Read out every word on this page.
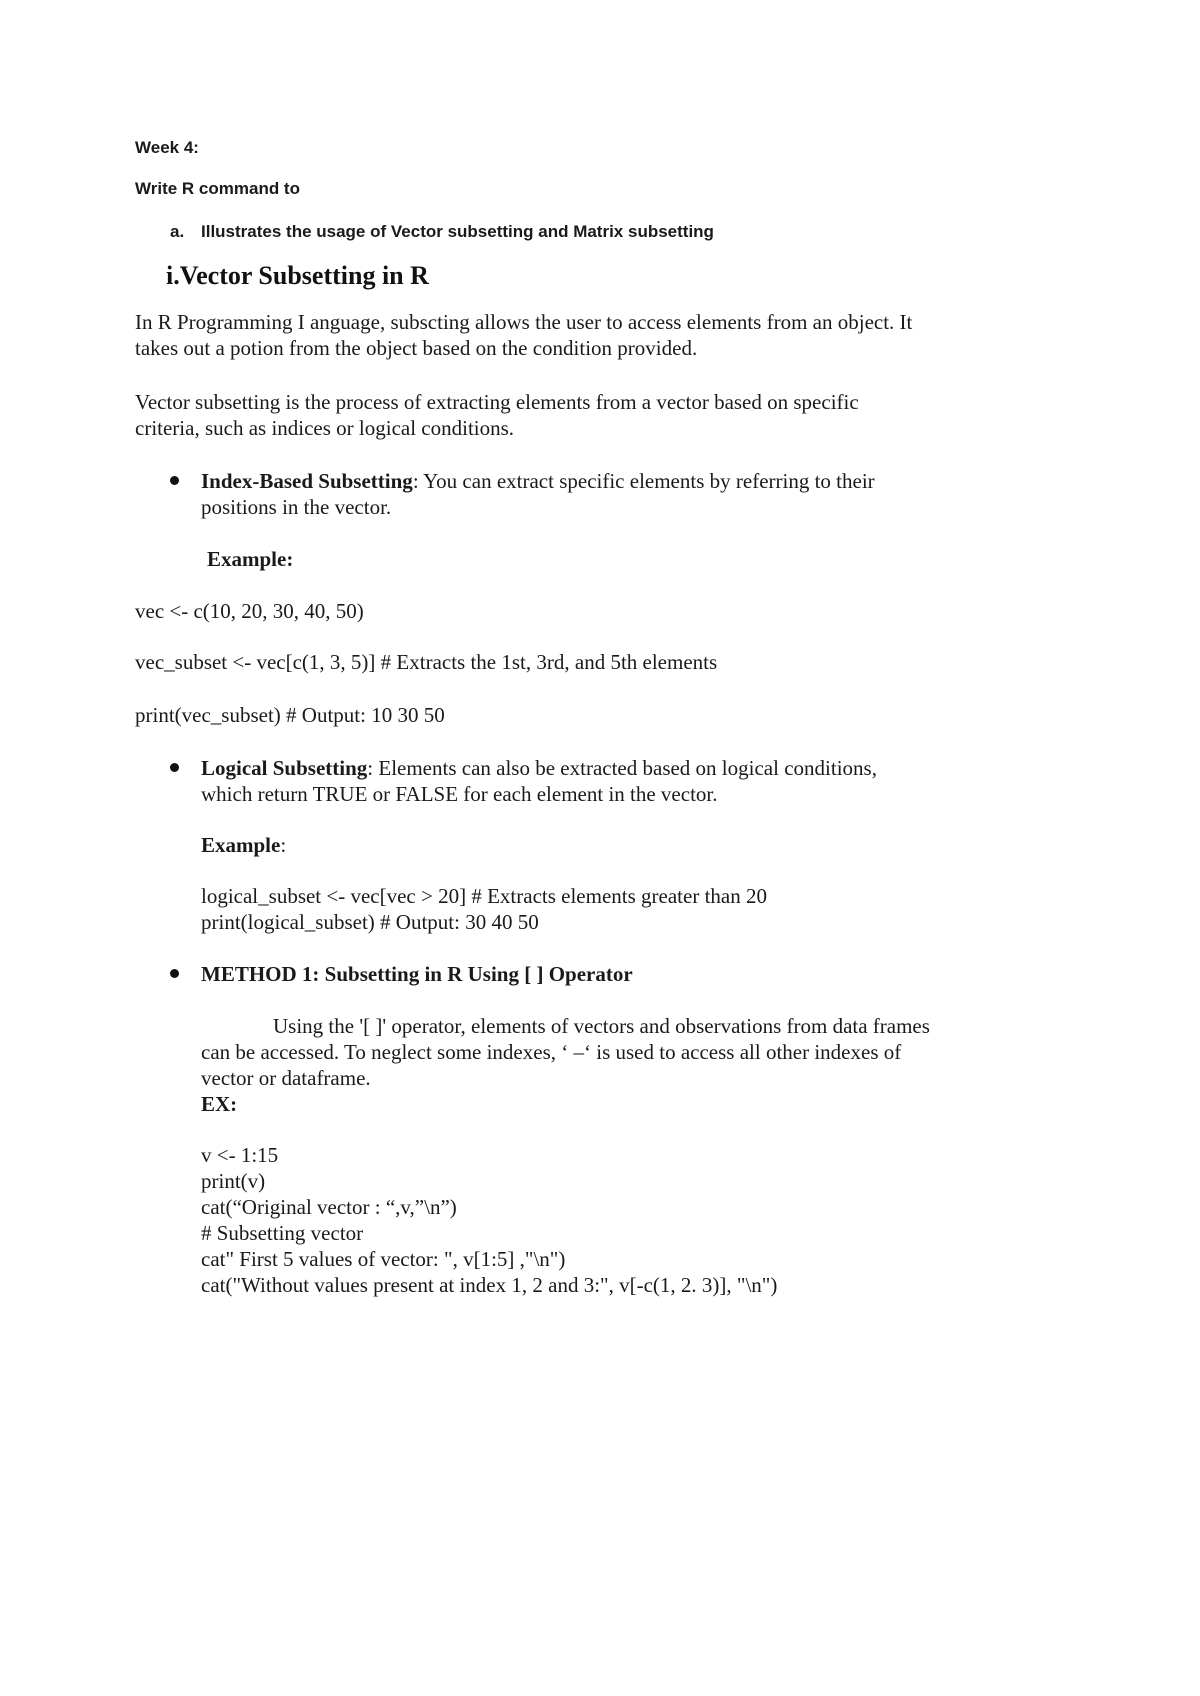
Week 4:
Write R command to
a. Illustrates the usage of Vector subsetting and Matrix subsetting
i.Vector Subsetting in R
In R Programming I anguage, subscting allows the user to access elements from an object. It
takes out a potion from the object based on the condition provided.
Vector subsetting is the process of extracting elements from a vector based on specific
criteria, such as indices or logical conditions.
Index-Based Subsetting: You can extract specific elements by referring to their
positions in the vector.
Example:
vec <- c(10, 20, 30, 40, 50)
vec_subset <- vec[c(1, 3, 5)] # Extracts the 1st, 3rd, and 5th elements
print(vec_subset) # Output: 10 30 50
Logical Subsetting: Elements can also be extracted based on logical conditions,
which return TRUE or FALSE for each element in the vector.
Example:
logical_subset <- vec[vec > 20] # Extracts elements greater than 20
print(logical_subset) # Output: 30 40 50
METHOD 1: Subsetting in R Using [ ] Operator
Using the '[ ]' operator, elements of vectors and observations from data frames
can be accessed. To neglect some indexes, ‘ –‘ is used to access all other indexes of
vector or dataframe.
EX:
v <- 1:15
print(v)
cat(“Original vector : “,v,”\n”)
# Subsetting vector
cat" First 5 values of vector: ", v[1:5] ,"\n")
cat("Without values present at index 1, 2 and 3:", v[-c(1, 2. 3)], "\n")
